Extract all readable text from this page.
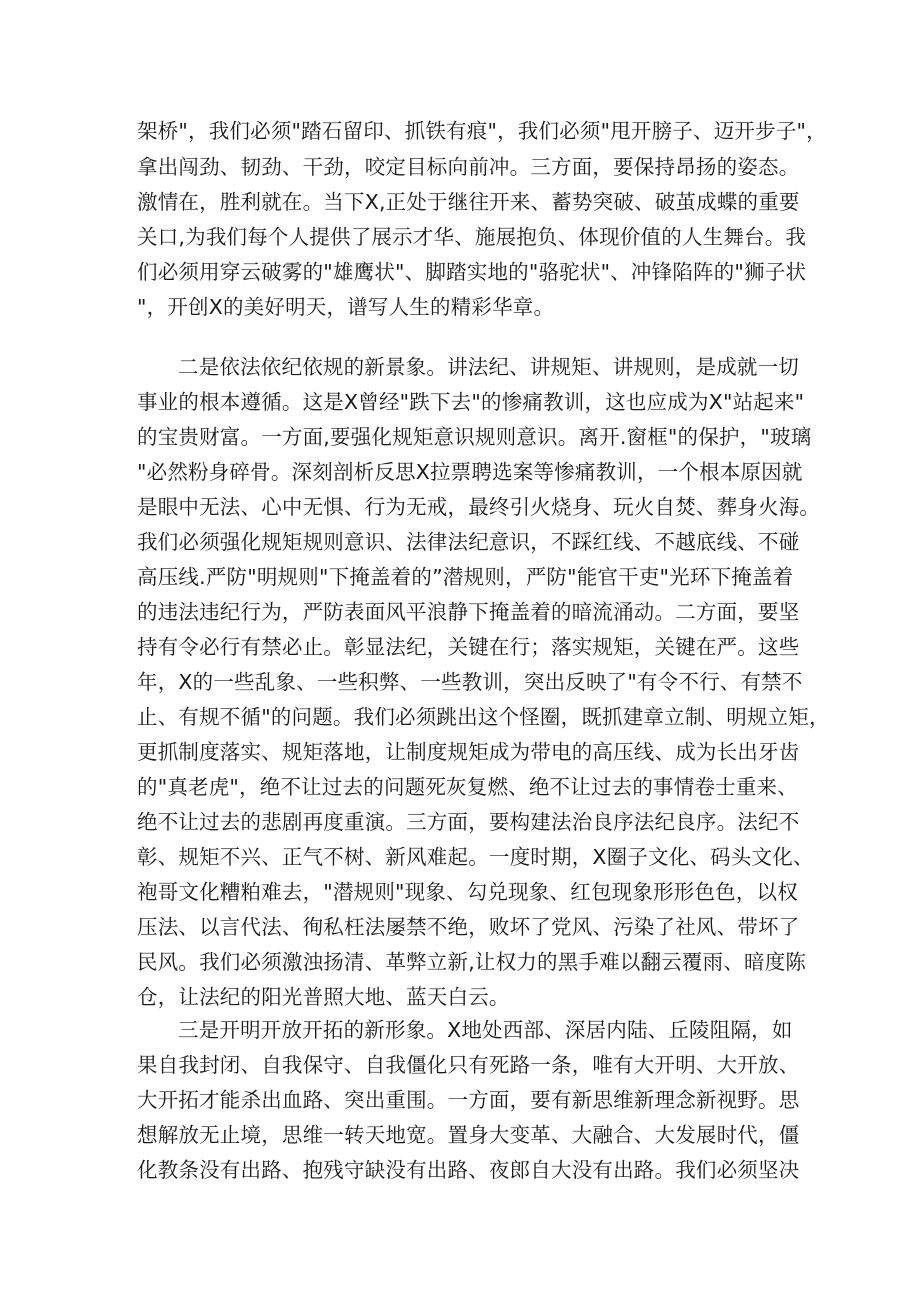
架桥"，我们必须"踏石留印、抓铁有痕"，我们必须"甩开膀子、迈开步子"，
拿出闯劲、韧劲、干劲，咬定目标向前冲。三方面，要保持昂扬的姿态。
激情在，胜利就在。当下X,正处于继往开来、蓄势突破、破茧成蝶的重要
关口,为我们每个人提供了展示才华、施展抱负、体现价值的人生舞台。我
们必须用穿云破雾的"雄鹰状"、脚踏实地的"骆驼状"、冲锋陷阵的"狮子状
"，开创X的美好明天，谱写人生的精彩华章。
二是依法依纪依规的新景象。讲法纪、讲规矩、讲规则，是成就一切
事业的根本遵循。这是X曾经"跌下去"的惨痛教训，这也应成为X"站起来"
的宝贵财富。一方面,要强化规矩意识规则意识。离开.窗框"的保护，"玻璃
"必然粉身碎骨。深刻剖析反思X拉票聘选案等惨痛教训，一个根本原因就
是眼中无法、心中无惧、行为无戒，最终引火烧身、玩火自焚、葬身火海。
我们必须强化规矩规则意识、法律法纪意识，不踩红线、不越底线、不碰
高压线.严防"明规则"下掩盖着的”潜规则，严防"能官干吏"光环下掩盖着
的违法违纪行为，严防表面风平浪静下掩盖着的暗流涌动。二方面，要坚
持有令必行有禁必止。彰显法纪，关键在行；落实规矩，关键在严。这些
年，X的一些乱象、一些积弊、一些教训，突出反映了"有令不行、有禁不
止、有规不循"的问题。我们必须跳出这个怪圈，既抓建章立制、明规立矩，
更抓制度落实、规矩落地，让制度规矩成为带电的高压线、成为长出牙齿
的"真老虎"，绝不让过去的问题死灰复燃、绝不让过去的事情卷士重来、
绝不让过去的悲剧再度重演。三方面，要构建法治良序法纪良序。法纪不
彰、规矩不兴、正气不树、新风难起。一度时期，X圈子文化、码头文化、
袍哥文化糟粕难去，"潜规则"现象、勾兑现象、红包现象形形色色，以权
压法、以言代法、徇私枉法屡禁不绝，败坏了党风、污染了社风、带坏了
民风。我们必须激浊扬清、革弊立新,让权力的黑手难以翻云覆雨、暗度陈
仓，让法纪的阳光普照大地、蓝天白云。
三是开明开放开拓的新形象。X地处西部、深居内陆、丘陵阻隔，如
果自我封闭、自我保守、自我僵化只有死路一条，唯有大开明、大开放、
大开拓才能杀出血路、突出重围。一方面，要有新思维新理念新视野。思
想解放无止境，思维一转天地宽。置身大变革、大融合、大发展时代，僵
化教条没有出路、抱残守缺没有出路、夜郎自大没有出路。我们必须坚决
